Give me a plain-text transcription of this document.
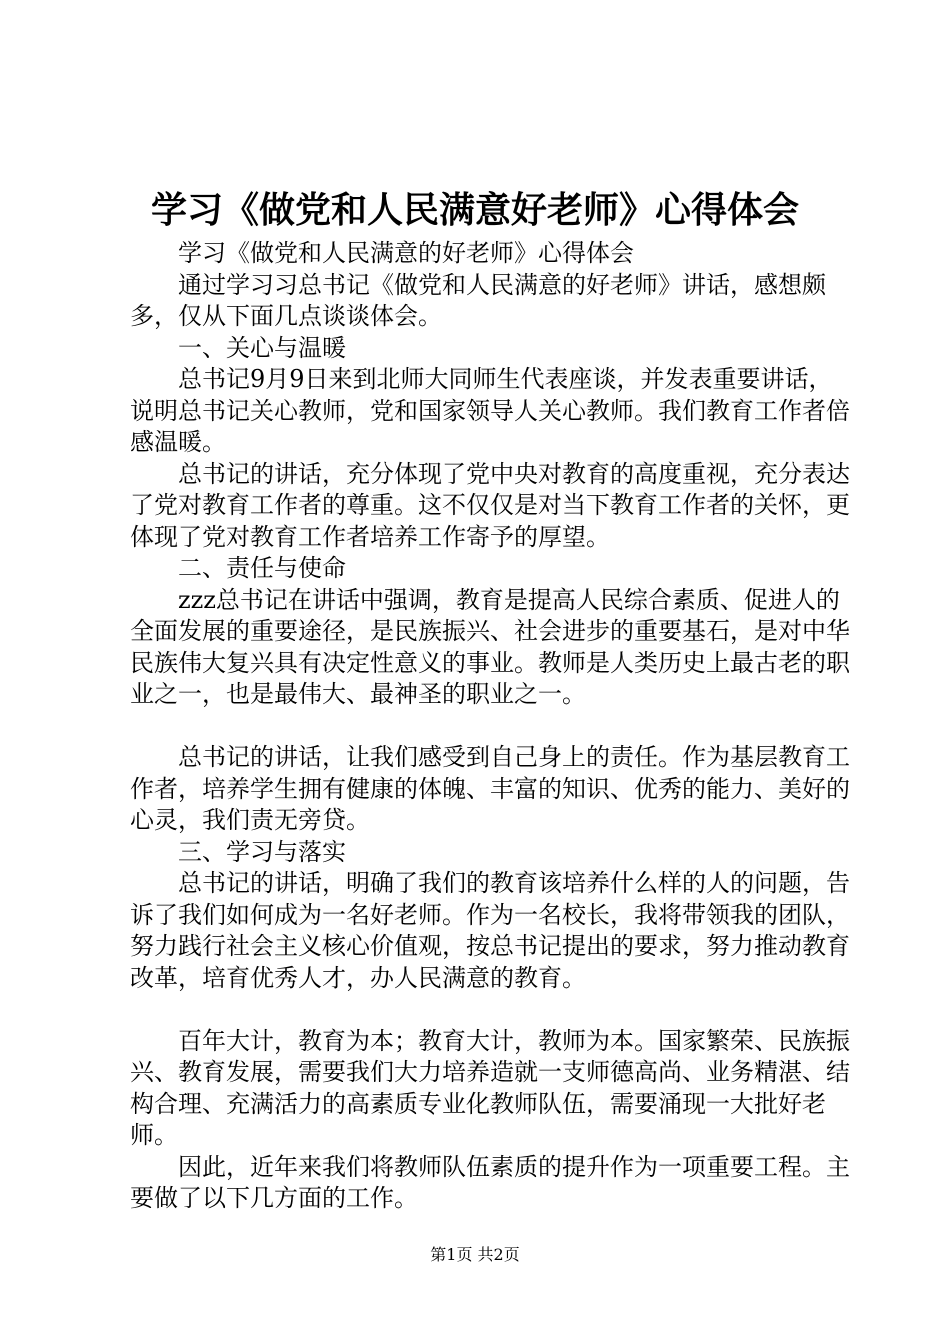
学习《做党和人民满意好老师》心得体会

学习《做党和人民满意的好老师》心得体会

通过学习习总书记《做党和人民满意的好老师》讲话，感想颇多，仅从下面几点谈谈体会。

一、关心与温暖

总书记9月9日来到北师大同师生代表座谈，并发表重要讲话，说明总书记关心教师，党和国家领导人关心教师。我们教育工作者倍感温暖。

总书记的讲话，充分体现了党中央对教育的高度重视，充分表达了党对教育工作者的尊重。这不仅仅是对当下教育工作者的关怀，更体现了党对教育工作者培养工作寄予的厚望。

二、责任与使命

zzz总书记在讲话中强调，教育是提高人民综合素质、促进人的全面发展的重要途径，是民族振兴、社会进步的重要基石，是对中华民族伟大复兴具有决定性意义的事业。教师是人类历史上最古老的职业之一，也是最伟大、最神圣的职业之一。

总书记的讲话，让我们感受到自己身上的责任。作为基层教育工作者，培养学生拥有健康的体魄、丰富的知识、优秀的能力、美好的心灵，我们责无旁贷。

三、学习与落实

总书记的讲话，明确了我们的教育该培养什么样的人的问题，告诉了我们如何成为一名好老师。作为一名校长，我将带领我的团队，努力践行社会主义核心价值观，按总书记提出的要求，努力推动教育改革，培育优秀人才，办人民满意的教育。

百年大计，教育为本；教育大计，教师为本。国家繁荣、民族振兴、教育发展，需要我们大力培养造就一支师德高尚、业务精湛、结构合理、充满活力的高素质专业化教师队伍，需要涌现一大批好老师。

因此，近年来我们将教师队伍素质的提升作为一项重要工程。主要做了以下几方面的工作。

第1页 共2页
